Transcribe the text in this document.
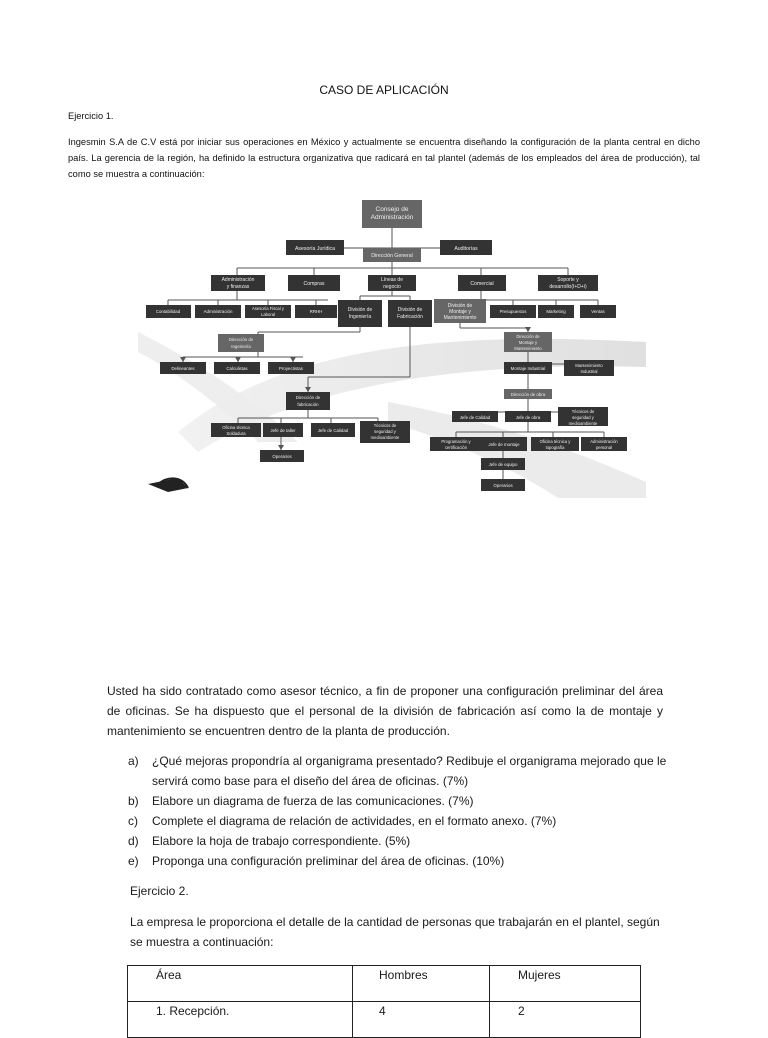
CASO DE APLICACIÓN
Ejercicio 1.
Ingesmin S.A de C.V está por iniciar sus operaciones en México y actualmente se encuentra diseñando la configuración de la planta central en dicho país. La gerencia de la región, ha definido la estructura organizativa que radicará en tal plantel (además de los empleados del área de producción), tal como se muestra a continuación:
Consejo de
Administración
Asesoría Jurídica
Dirección General
Auditorías
Administración
y finanzas	Compras
Líneas de
negocio	Comercial
Soporte y
desarrollo(I+D+i)
Contabilidad	Administración
Asesoría Fiscal y
Laboral
RRHH	División de
Ingeniería
División de
Fabricación
División de
Montaje y
Mantenimiento
Presupuestos	Marketing	Ventas
Dirección de
Ingeniería
Delineantes	Calculistas	Proyectistas
Dirección de
fabricación
Oficina técnica
Soldadura
Jefe de taller	Jefe de Calidad
Técnicos de
seguridad y
medioambiente
Operarios
Dirección de
Montaje y
Mantenimiento
Montaje Industrial
Mantenimiento
Industrial
Dirección de obra
Jefe de Calidad	Jefe de obra
Técnicos de
seguridad y
medioambiente
Programación y
certificación
Jefe de montaje
Oficina técnica y
topografía
Administración
personal
Jefe de equipo
Operarios
Usted ha sido contratado como asesor técnico, a fin de proponer una configuración preliminar del área de oficinas. Se ha dispuesto que el personal de la división de fabricación así como la de montaje y mantenimiento se encuentren dentro de la planta de producción.
a) ¿Qué mejoras propondría al organigrama presentado? Redibuje el organigrama mejorado que le servirá como base para el diseño del área de oficinas. (7%)
b) Elabore un diagrama de fuerza de las comunicaciones. (7%)
c) Complete el diagrama de relación de actividades, en el formato anexo. (7%)
d) Elabore la hoja de trabajo correspondiente. (5%)
e) Proponga una configuración preliminar del área de oficinas. (10%)
Ejercicio 2.
La empresa le proporciona el detalle de la cantidad de personas que trabajarán en el plantel, según se muestra a continuación:
Área	Hombres	Mujeres
1. Recepción.	4	2
